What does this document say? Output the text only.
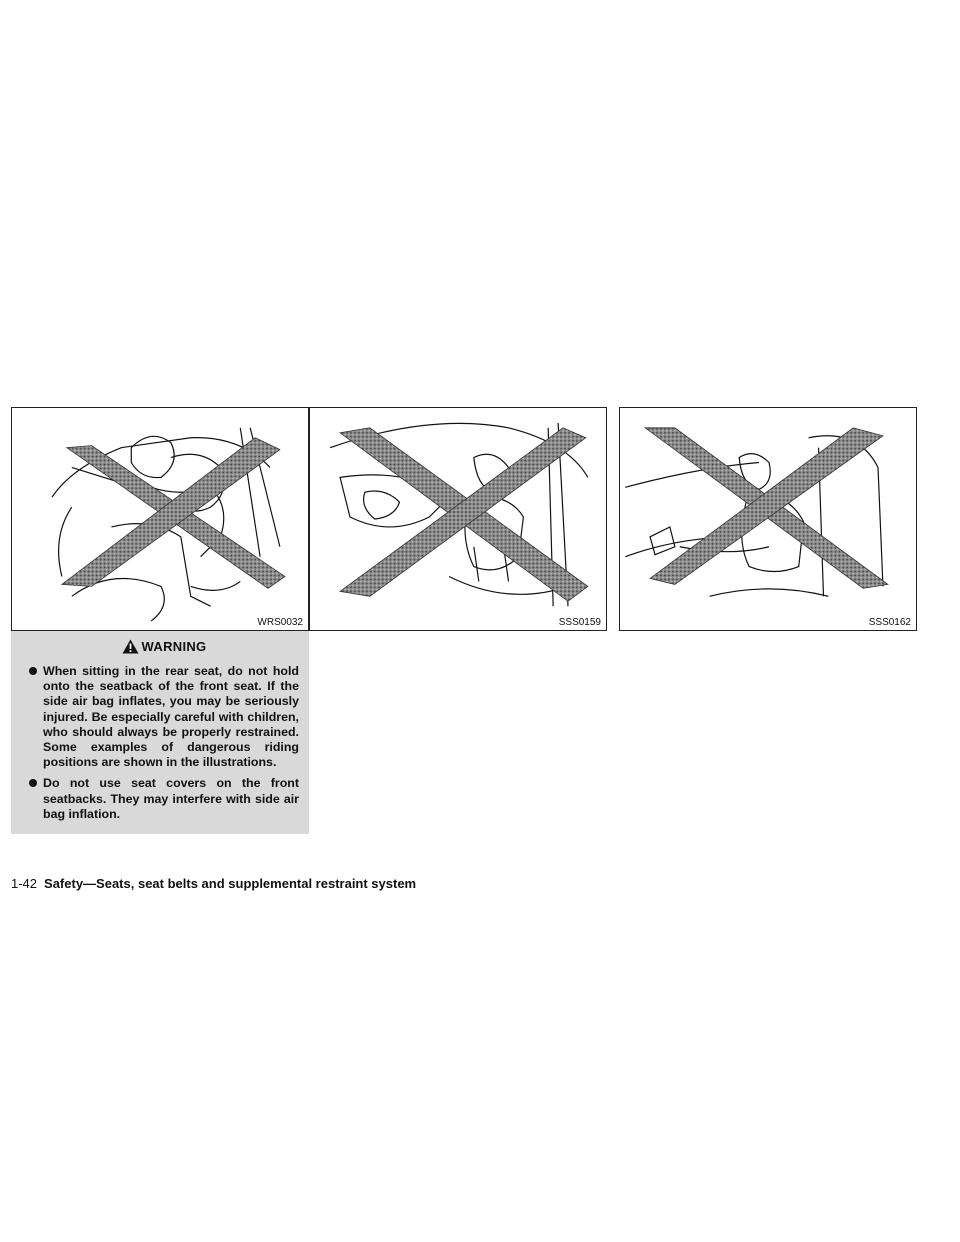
WRS0032	SSS0159	SSS0162
WARNING
When sitting in the rear seat, do not hold onto the seatback of the front seat. If the side air bag inflates, you may be seriously injured. Be especially careful with children, who should always be properly restrained. Some examples of dangerous riding positions are shown in the illustrations.
Do not use seat covers on the front seatbacks. They may interfere with side air bag inflation.
1-42 Safety—Seats, seat belts and supplemental restraint system
